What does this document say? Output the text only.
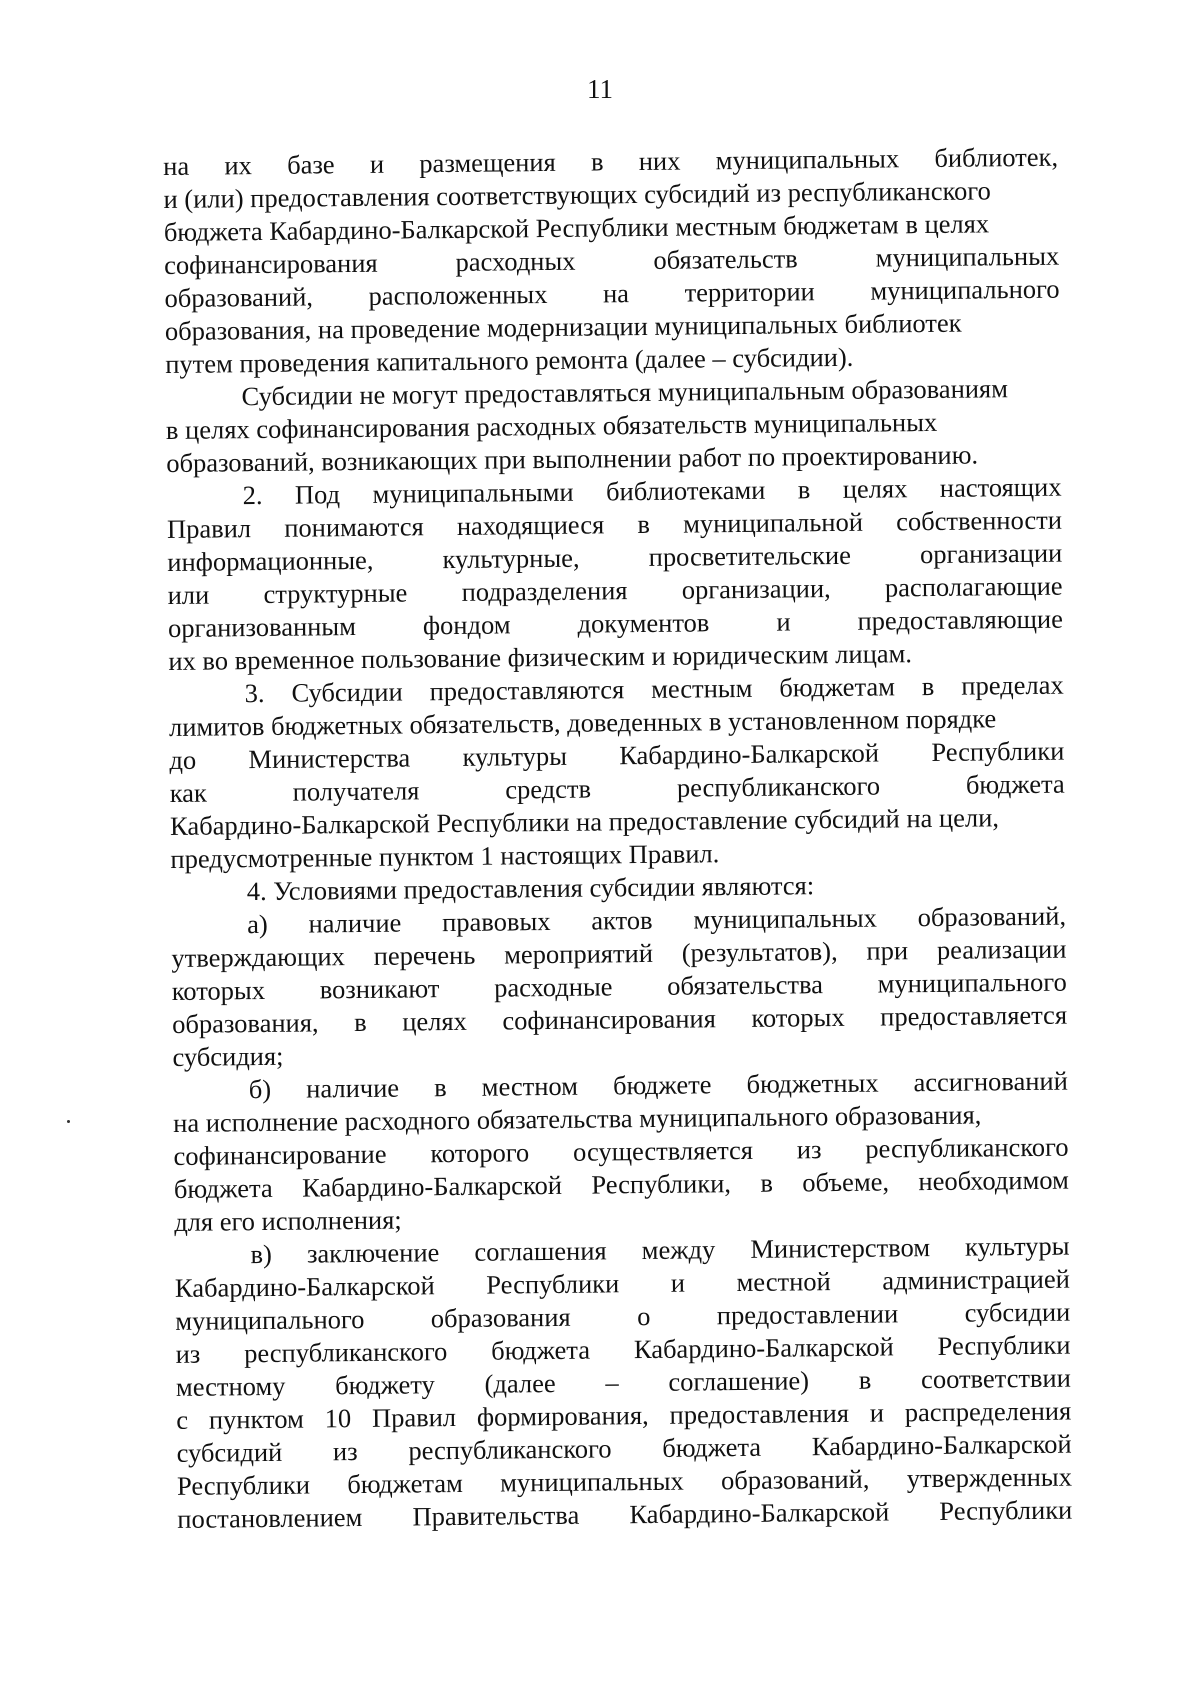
11
на их базе и размещения в них муниципальных библиотек,
и (или) предоставления соответствующих субсидий из республиканского
бюджета Кабардино-Балкарской Республики местным бюджетам в целях
софинансирования	расходных	обязательств	муниципальных
образований, расположенных на территории муниципального
образования, на проведение модернизации муниципальных библиотек
путем проведения капитального ремонта (далее – субсидии).
Субсидии не могут предоставляться муниципальным образованиям
в целях софинансирования расходных обязательств муниципальных
образований, возникающих при выполнении работ по проектированию.
2. Под муниципальными библиотеками в целях настоящих
Правил понимаются находящиеся в муниципальной собственности
информационные,	культурные,	просветительские	организации
или структурные подразделения организации, располагающие
организованным	фондом	документов	и	предоставляющие
их во временное пользование физическим и юридическим лицам.
3. Субсидии предоставляются местным бюджетам в пределах
лимитов бюджетных обязательств, доведенных в установленном порядке
до Министерства культуры Кабардино-Балкарской Республики
как	получателя	средств	республиканского	бюджета
Кабардино-Балкарской Республики на предоставление субсидий на цели,
предусмотренные пунктом 1 настоящих Правил.
4. Условиями предоставления субсидии являются:
а) наличие правовых актов муниципальных образований,
утверждающих перечень мероприятий (результатов), при реализации
которых возникают расходные обязательства муниципального
образования, в целях софинансирования которых предоставляется
субсидия;
б) наличие в местном бюджете бюджетных ассигнований
на исполнение расходного обязательства муниципального образования,
софинансирование которого осуществляется из республиканского
бюджета Кабардино-Балкарской Республики, в объеме, необходимом
для его исполнения;
в) заключение соглашения между Министерством культуры
Кабардино-Балкарской Республики и местной администрацией
муниципального образования о предоставлении субсидии
из республиканского бюджета Кабардино-Балкарской Республики
местному бюджету (далее – соглашение) в соответствии
с пунктом 10 Правил формирования, предоставления и распределения
субсидий из республиканского бюджета Кабардино-Балкарской
Республики бюджетам муниципальных образований, утвержденных
постановлением Правительства Кабардино-Балкарской Республики
